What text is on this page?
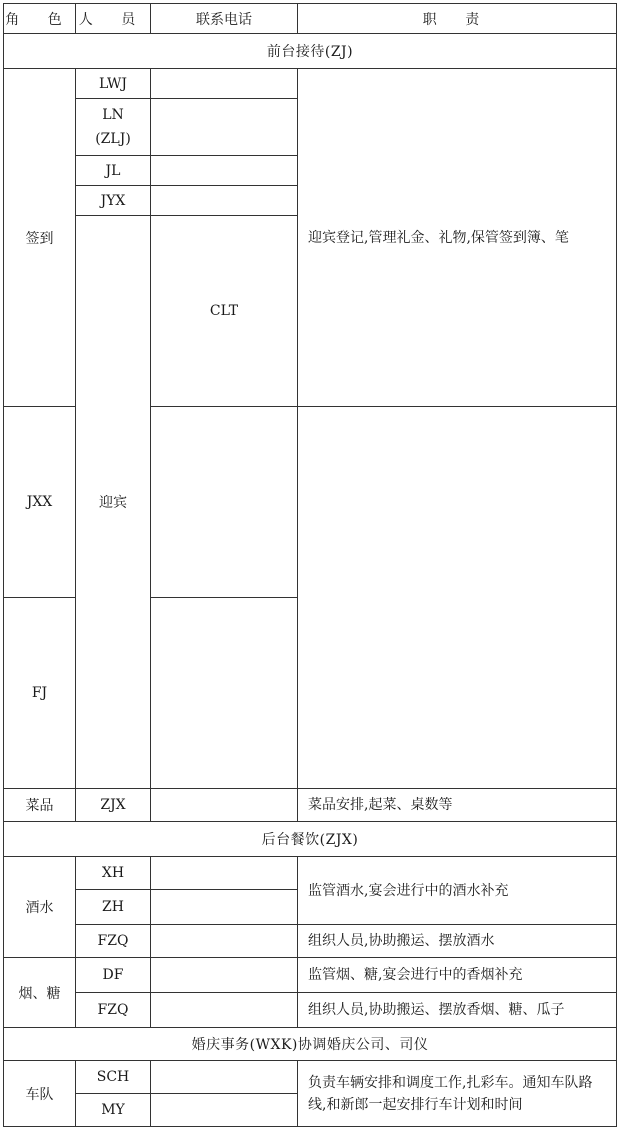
角 色	人 员	联系电话	职 责	
前台接待(ZJ)				
签到	LWJ		迎宾登记,管理礼金、礼物,保管签到簿、笔	

	LN
(ZLJ)			

	JL			
	JYX			
	迎宾	CLT		
JXX				
FJ				
菜品	ZJX		菜品安排,起菜、桌数等	
后台餐饮(ZJX)				
酒水	XH		监管酒水,宴会进行中的酒水补充	
	ZH			
	FZQ		组织人员,协助搬运、摆放酒水	
烟、糖	DF		监管烟、糖,宴会进行中的香烟补充	
	FZQ		组织人员,协助搬运、摆放香烟、糖、瓜子	
婚庆事务(WXK)协调婚庆公司、司仪				
车队	SCH		负责车辆安排和调度工作,扎彩车。通知车队路线,和新郎一起安排行车计划和时间	
	MY			
